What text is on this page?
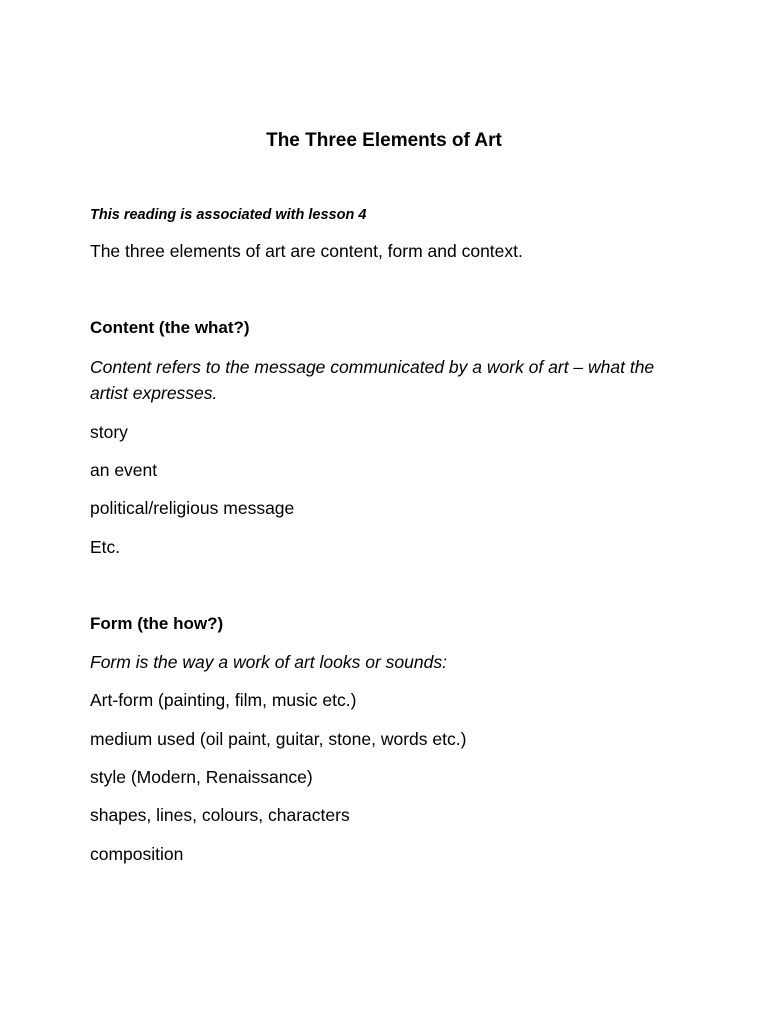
The Three Elements of Art
This reading is associated with lesson 4
The three elements of art are content, form and context.
Content (the what?)
Content refers to the message communicated by a work of art – what the artist expresses.
story
an event
political/religious message
Etc.
Form (the how?)
Form is the way a work of art looks or sounds:
Art-form (painting, film, music etc.)
medium used (oil paint, guitar, stone, words etc.)
style (Modern, Renaissance)
shapes, lines, colours, characters
composition
